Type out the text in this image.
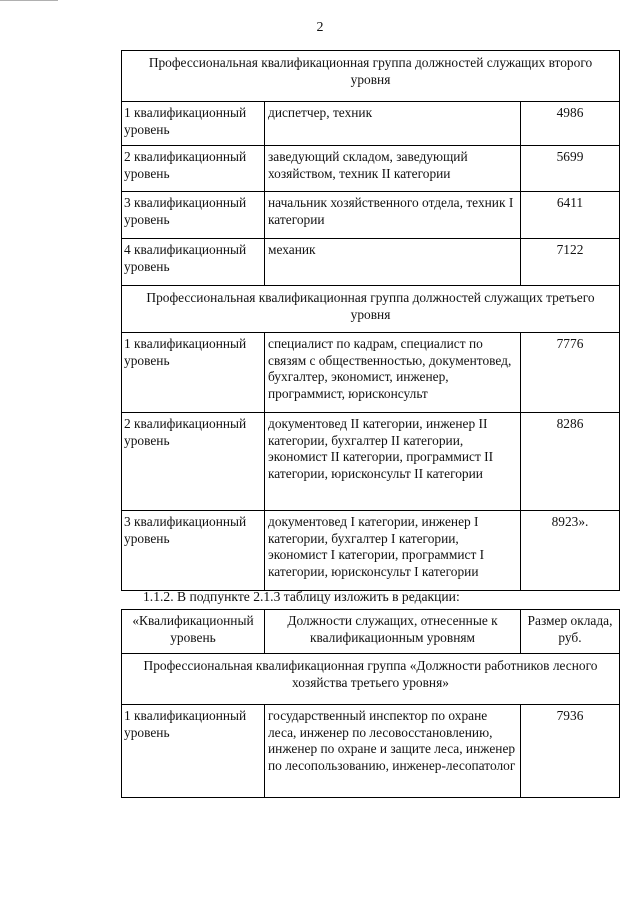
2
Профессиональная квалификационная группа должностей служащих второго уровня		
1 квалификационный уровень	диспетчер, техник	4986
2 квалификационный уровень	заведующий складом, заведующий хозяйством, техник II категории	5699
3 квалификационный уровень	начальник хозяйственного отдела, техник I категории	6411
4 квалификационный уровень	механик	7122
Профессиональная квалификационная группа должностей служащих третьего уровня		
1 квалификационный уровень	специалист по кадрам, специалист по связям с общественностью, документовед, бухгалтер, экономист, инженер, программист, юрисконсульт	7776
2 квалификационный уровень	документовед II категории, инженер II категории, бухгалтер II категории, экономист II категории, программист II категории, юрисконсульт II категории	8286
3 квалификационный уровень	документовед I категории, инженер I категории, бухгалтер I категории, экономист I категории, программист I категории, юрисконсульт I категории	8923».
1.1.2. В подпункте 2.1.3 таблицу изложить в редакции:
«Квалификационный уровень	Должности служащих, отнесенные к квалификационным уровням	Размер оклада, руб.
Профессиональная квалификационная группа «Должности работников лесного хозяйства третьего уровня»		
1 квалификационный уровень	государственный инспектор по охране леса, инженер по лесовосстановлению, инженер по охране и защите леса, инженер по лесопользованию, инженер-лесопатолог	7936
